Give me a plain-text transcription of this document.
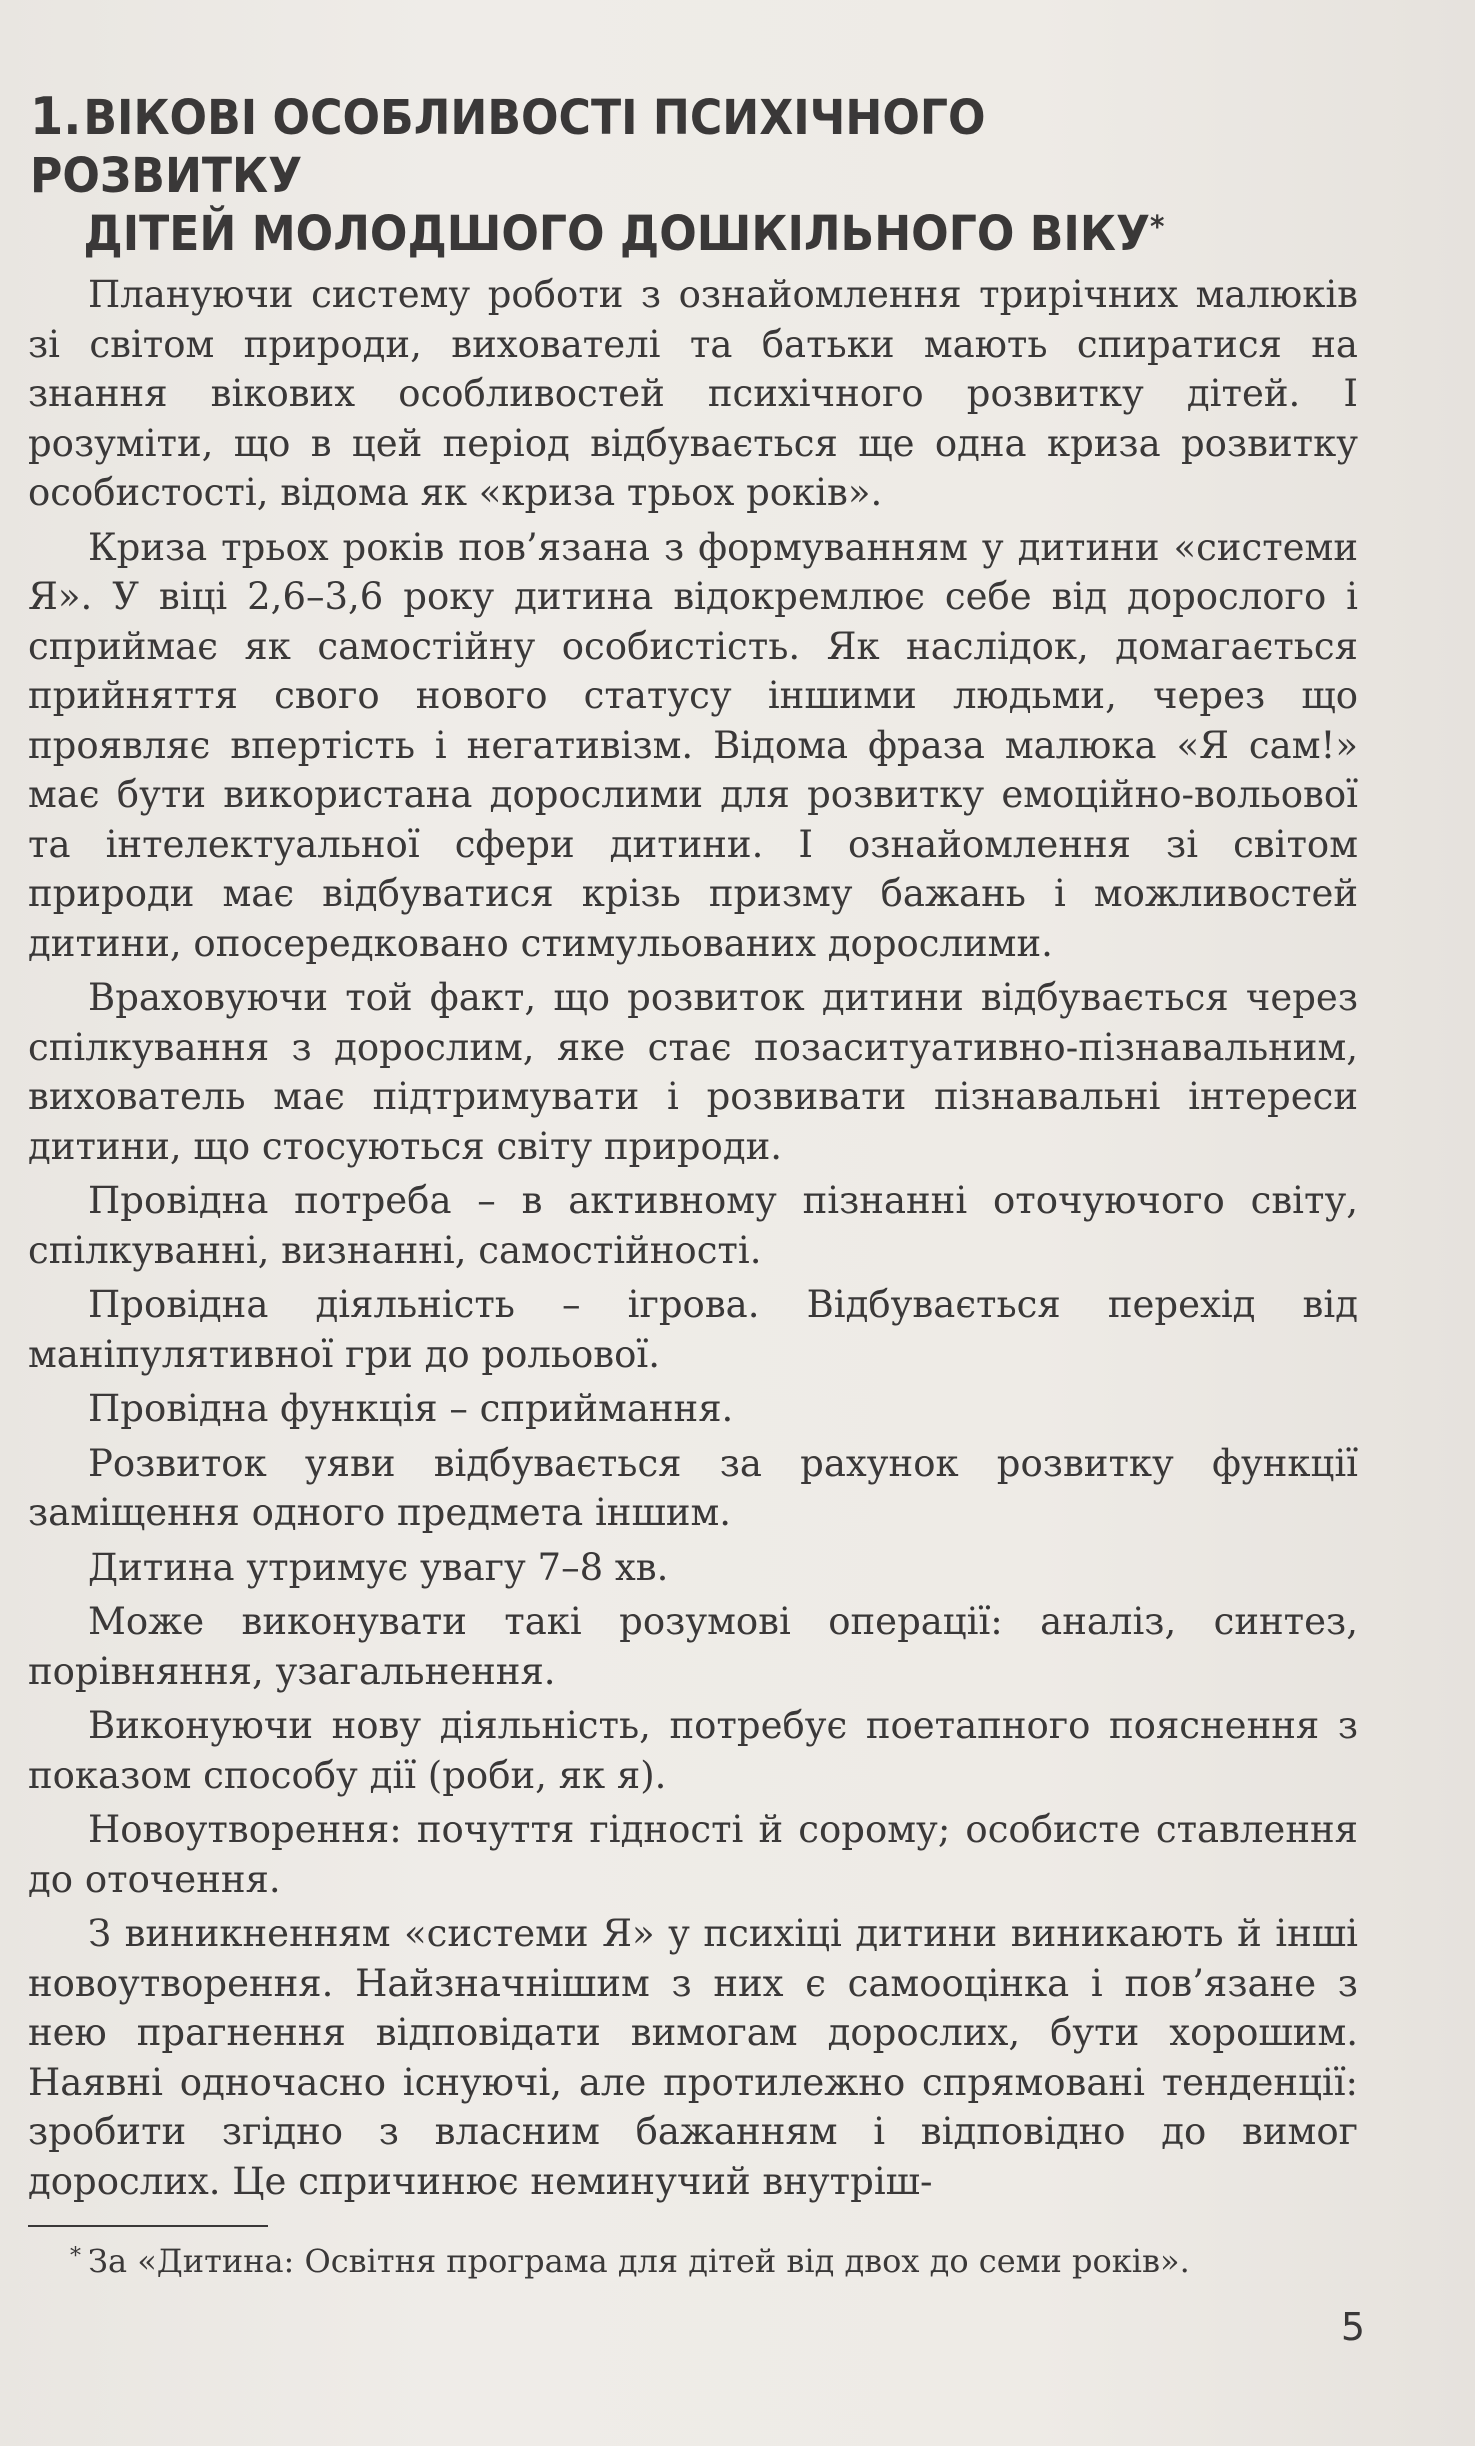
1.ВІКОВІ ОСОБЛИВОСТІ ПСИХІЧНОГО РОЗВИТКУ
ДІТЕЙ МОЛОДШОГО ДОШКІЛЬНОГО ВІКУ*

Плануючи систему роботи з ознайомлення трирічних малюків зі світом природи, вихователі та батьки мають спиратися на знання вікових особливостей психічного розвитку дітей. І розуміти, що в цей період відбувається ще одна криза розвитку особистості, відома як «криза трьох років».

Криза трьох років пов’язана з формуванням у дитини «системи Я». У віці 2,6–3,6 року дитина відокремлює себе від дорослого і сприймає як самостійну особистість. Як наслідок, домагається прийняття свого нового статусу іншими людьми, через що проявляє впертість і негативізм. Відома фраза малюка «Я сам!» має бути використана дорослими для розвитку емоційно-вольової та інтелектуальної сфери дитини. І ознайомлення зі світом природи має відбуватися крізь призму бажань і можливостей дитини, опосередковано стимульованих дорослими.

Враховуючи той факт, що розвиток дитини відбувається через спілкування з дорослим, яке стає позаситуативно-пізнавальним, вихователь має підтримувати і розвивати пізнавальні інтереси дитини, що стосуються світу природи.

Провідна потреба – в активному пізнанні оточуючого світу, спілкуванні, визнанні, самостійності.

Провідна діяльність – ігрова. Відбувається перехід від маніпулятивної гри до рольової.

Провідна функція – сприймання.

Розвиток уяви відбувається за рахунок розвитку функції заміщення одного предмета іншим.

Дитина утримує увагу 7–8 хв.

Може виконувати такі розумові операції: аналіз, синтез, порівняння, узагальнення.

Виконуючи нову діяльність, потребує поетапного пояснення з показом способу дії (роби, як я).

Новоутворення: почуття гідності й сорому; особисте ставлення до оточення.

З виникненням «системи Я» у психіці дитини виникають й інші новоутворення. Найзначнішим з них є самооцінка і пов’язане з нею прагнення відповідати вимогам дорослих, бути хорошим. Наявні одночасно існуючі, але протилежно спрямовані тенденції: зробити згідно з власним бажанням і відповідно до вимог дорослих. Це спричинює неминучий внутріш-

* За «Дитина: Освітня програма для дітей від двох до семи років».
5
